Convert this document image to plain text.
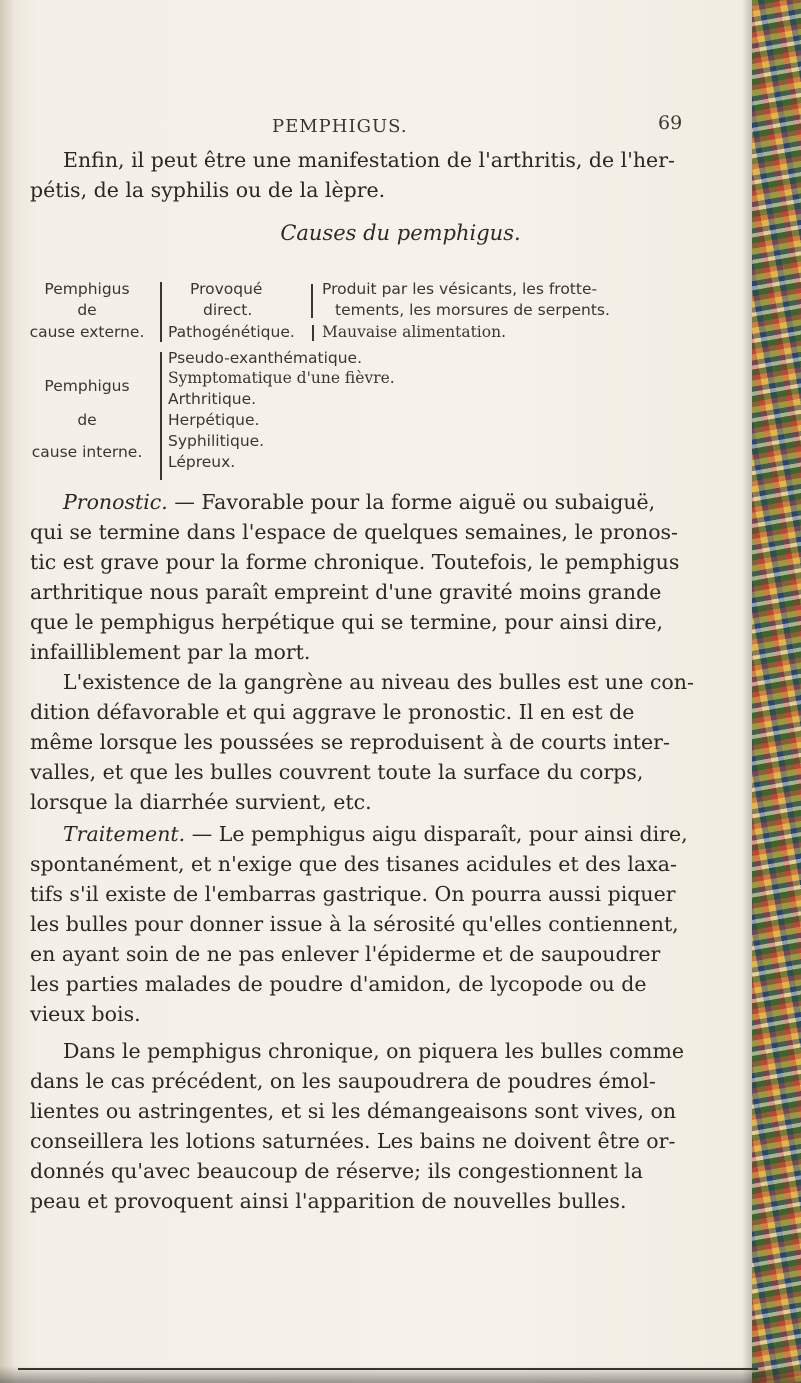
PEMPHIGUS.	69
Enfin, il peut être une manifestation de l'arthritis, de l'her-
pétis, de la syphilis ou de la lèpre.
Causes du pemphigus.
Pemphigus
de
cause externe.
Provoqué
direct.
Pathogénétique.
Produit par les vésicants, les frotte-
tements, les morsures de serpents.
Mauvaise alimentation.
Pemphigus
de
cause interne.
Pseudo-exanthématique.
Symptomatique d'une fièvre.
Arthritique.
Herpétique.
Syphilitique.
Lépreux.
Pronostic. — Favorable pour la forme aiguë ou subaiguë,
qui se termine dans l'espace de quelques semaines, le pronos-
tic est grave pour la forme chronique. Toutefois, le pemphigus
arthritique nous paraît empreint d'une gravité moins grande
que le pemphigus herpétique qui se termine, pour ainsi dire,
infailliblement par la mort.
L'existence de la gangrène au niveau des bulles est une con-
dition défavorable et qui aggrave le pronostic. Il en est de
même lorsque les poussées se reproduisent à de courts inter-
valles, et que les bulles couvrent toute la surface du corps,
lorsque la diarrhée survient, etc.
Traitement. — Le pemphigus aigu disparaît, pour ainsi dire,
spontanément, et n'exige que des tisanes acidules et des laxa-
tifs s'il existe de l'embarras gastrique. On pourra aussi piquer
les bulles pour donner issue à la sérosité qu'elles contiennent,
en ayant soin de ne pas enlever l'épiderme et de saupoudrer
les parties malades de poudre d'amidon, de lycopode ou de
vieux bois.
Dans le pemphigus chronique, on piquera les bulles comme
dans le cas précédent, on les saupoudrera de poudres émol-
lientes ou astringentes, et si les démangeaisons sont vives, on
conseillera les lotions saturnées. Les bains ne doivent être or-
donnés qu'avec beaucoup de réserve; ils congestionnent la
peau et provoquent ainsi l'apparition de nouvelles bulles.
